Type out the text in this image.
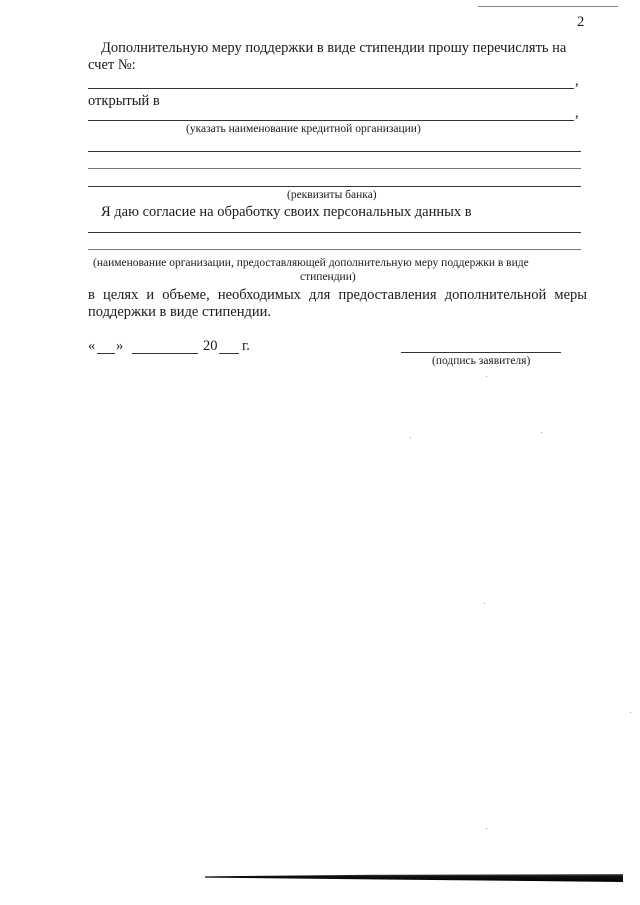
2
Дополнительную меру поддержки в виде стипендии прошу перечислять на
счет №:
,
открытый в
,
(указать наименование кредитной организации)
(реквизиты банка)
Я даю согласие на обработку своих персональных данных в
(наименование организации, предоставляющей дополнительную меру поддержки в виде
стипендии)
в целях и объеме, необходимых для предоставления дополнительной меры
поддержки в виде стипендии.
« »	20 г.
(подпись заявителя)
